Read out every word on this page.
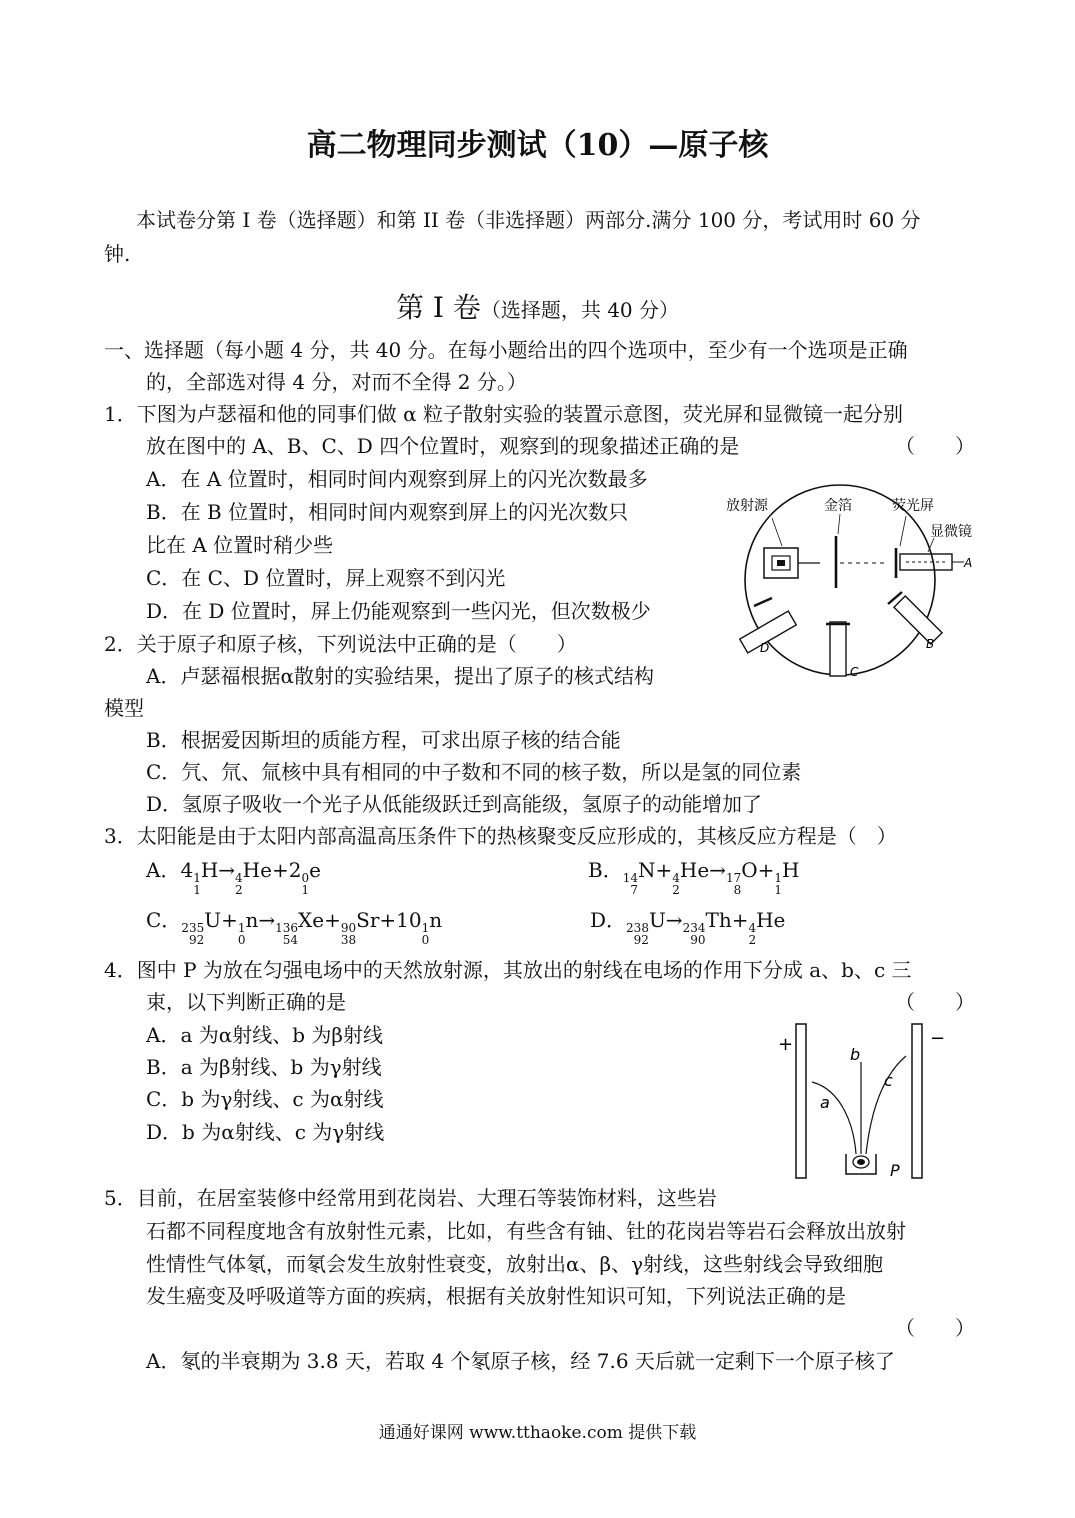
高二物理同步测试（10）—原子核
本试卷分第 I 卷（选择题）和第 II 卷（非选择题）两部分.满分 100 分，考试用时 60 分
钟.
第 I 卷（选择题，共 40 分）
一、选择题（每小题 4 分，共 40 分。在每小题给出的四个选项中，至少有一个选项是正确
的，全部选对得 4 分，对而不全得 2 分。）
1．下图为卢瑟福和他的同事们做 α 粒子散射实验的装置示意图，荧光屏和显微镜一起分别
放在图中的 A、B、C、D 四个位置时，观察到的现象描述正确的是	（　　）
A．在 A 位置时，相同时间内观察到屏上的闪光次数最多
B．在 B 位置时，相同时间内观察到屏上的闪光次数只
比在 A 位置时稍少些
C．在 C、D 位置时，屏上观察不到闪光
D．在 D 位置时，屏上仍能观察到一些闪光，但次数极少
放射源	金箔	荧光屏
显微镜
A
B
C
D
2．关于原子和原子核，下列说法中正确的是（　　）
A．卢瑟福根据α散射的实验结果，提出了原子的核式结构
模型
B．根据爱因斯坦的质能方程，可求出原子核的结合能
C．氕、氘、氚核中具有相同的中子数和不同的核子数，所以是氢的同位素
D．氢原子吸收一个光子从低能级跃迁到高能级，氢原子的动能增加了
3．太阳能是由于太阳内部高温高压条件下的热核聚变反应形成的，其核反应方程是（　）
A．4 1
1
H→ 4
2
He+2 0
1
e	B． 14
7
N+ 4
2
He→ 17
8
O+ 1
1
H
C． 235
92
U+ 1
0
n→ 136
54
Xe+ 90
38
Sr+10 1
0
n	D． 238
92
U→ 234
90
Th+ 4
2
He
4．图中 P 为放在匀强电场中的天然放射源，其放出的射线在电场的作用下分成 a、b、c 三
束，以下判断正确的是	（　　）
A．a 为α射线、b 为β射线
B．a 为β射线、b 为γ射线
C．b 为γ射线、c 为α射线
D．b 为α射线、c 为γ射线
+	−
a
b
c
P
5．目前，在居室装修中经常用到花岗岩、大理石等装饰材料，这些岩
石都不同程度地含有放射性元素，比如，有些含有铀、钍的花岗岩等岩石会释放出放射
性情性气体氡，而氡会发生放射性衰变，放射出α、β、γ射线，这些射线会导致细胞
发生癌变及呼吸道等方面的疾病，根据有关放射性知识可知，下列说法正确的是
（　　）
A．氡的半衰期为 3.8 天，若取 4 个氡原子核，经 7.6 天后就一定剩下一个原子核了
通通好课网 www.tthaoke.com 提供下载
